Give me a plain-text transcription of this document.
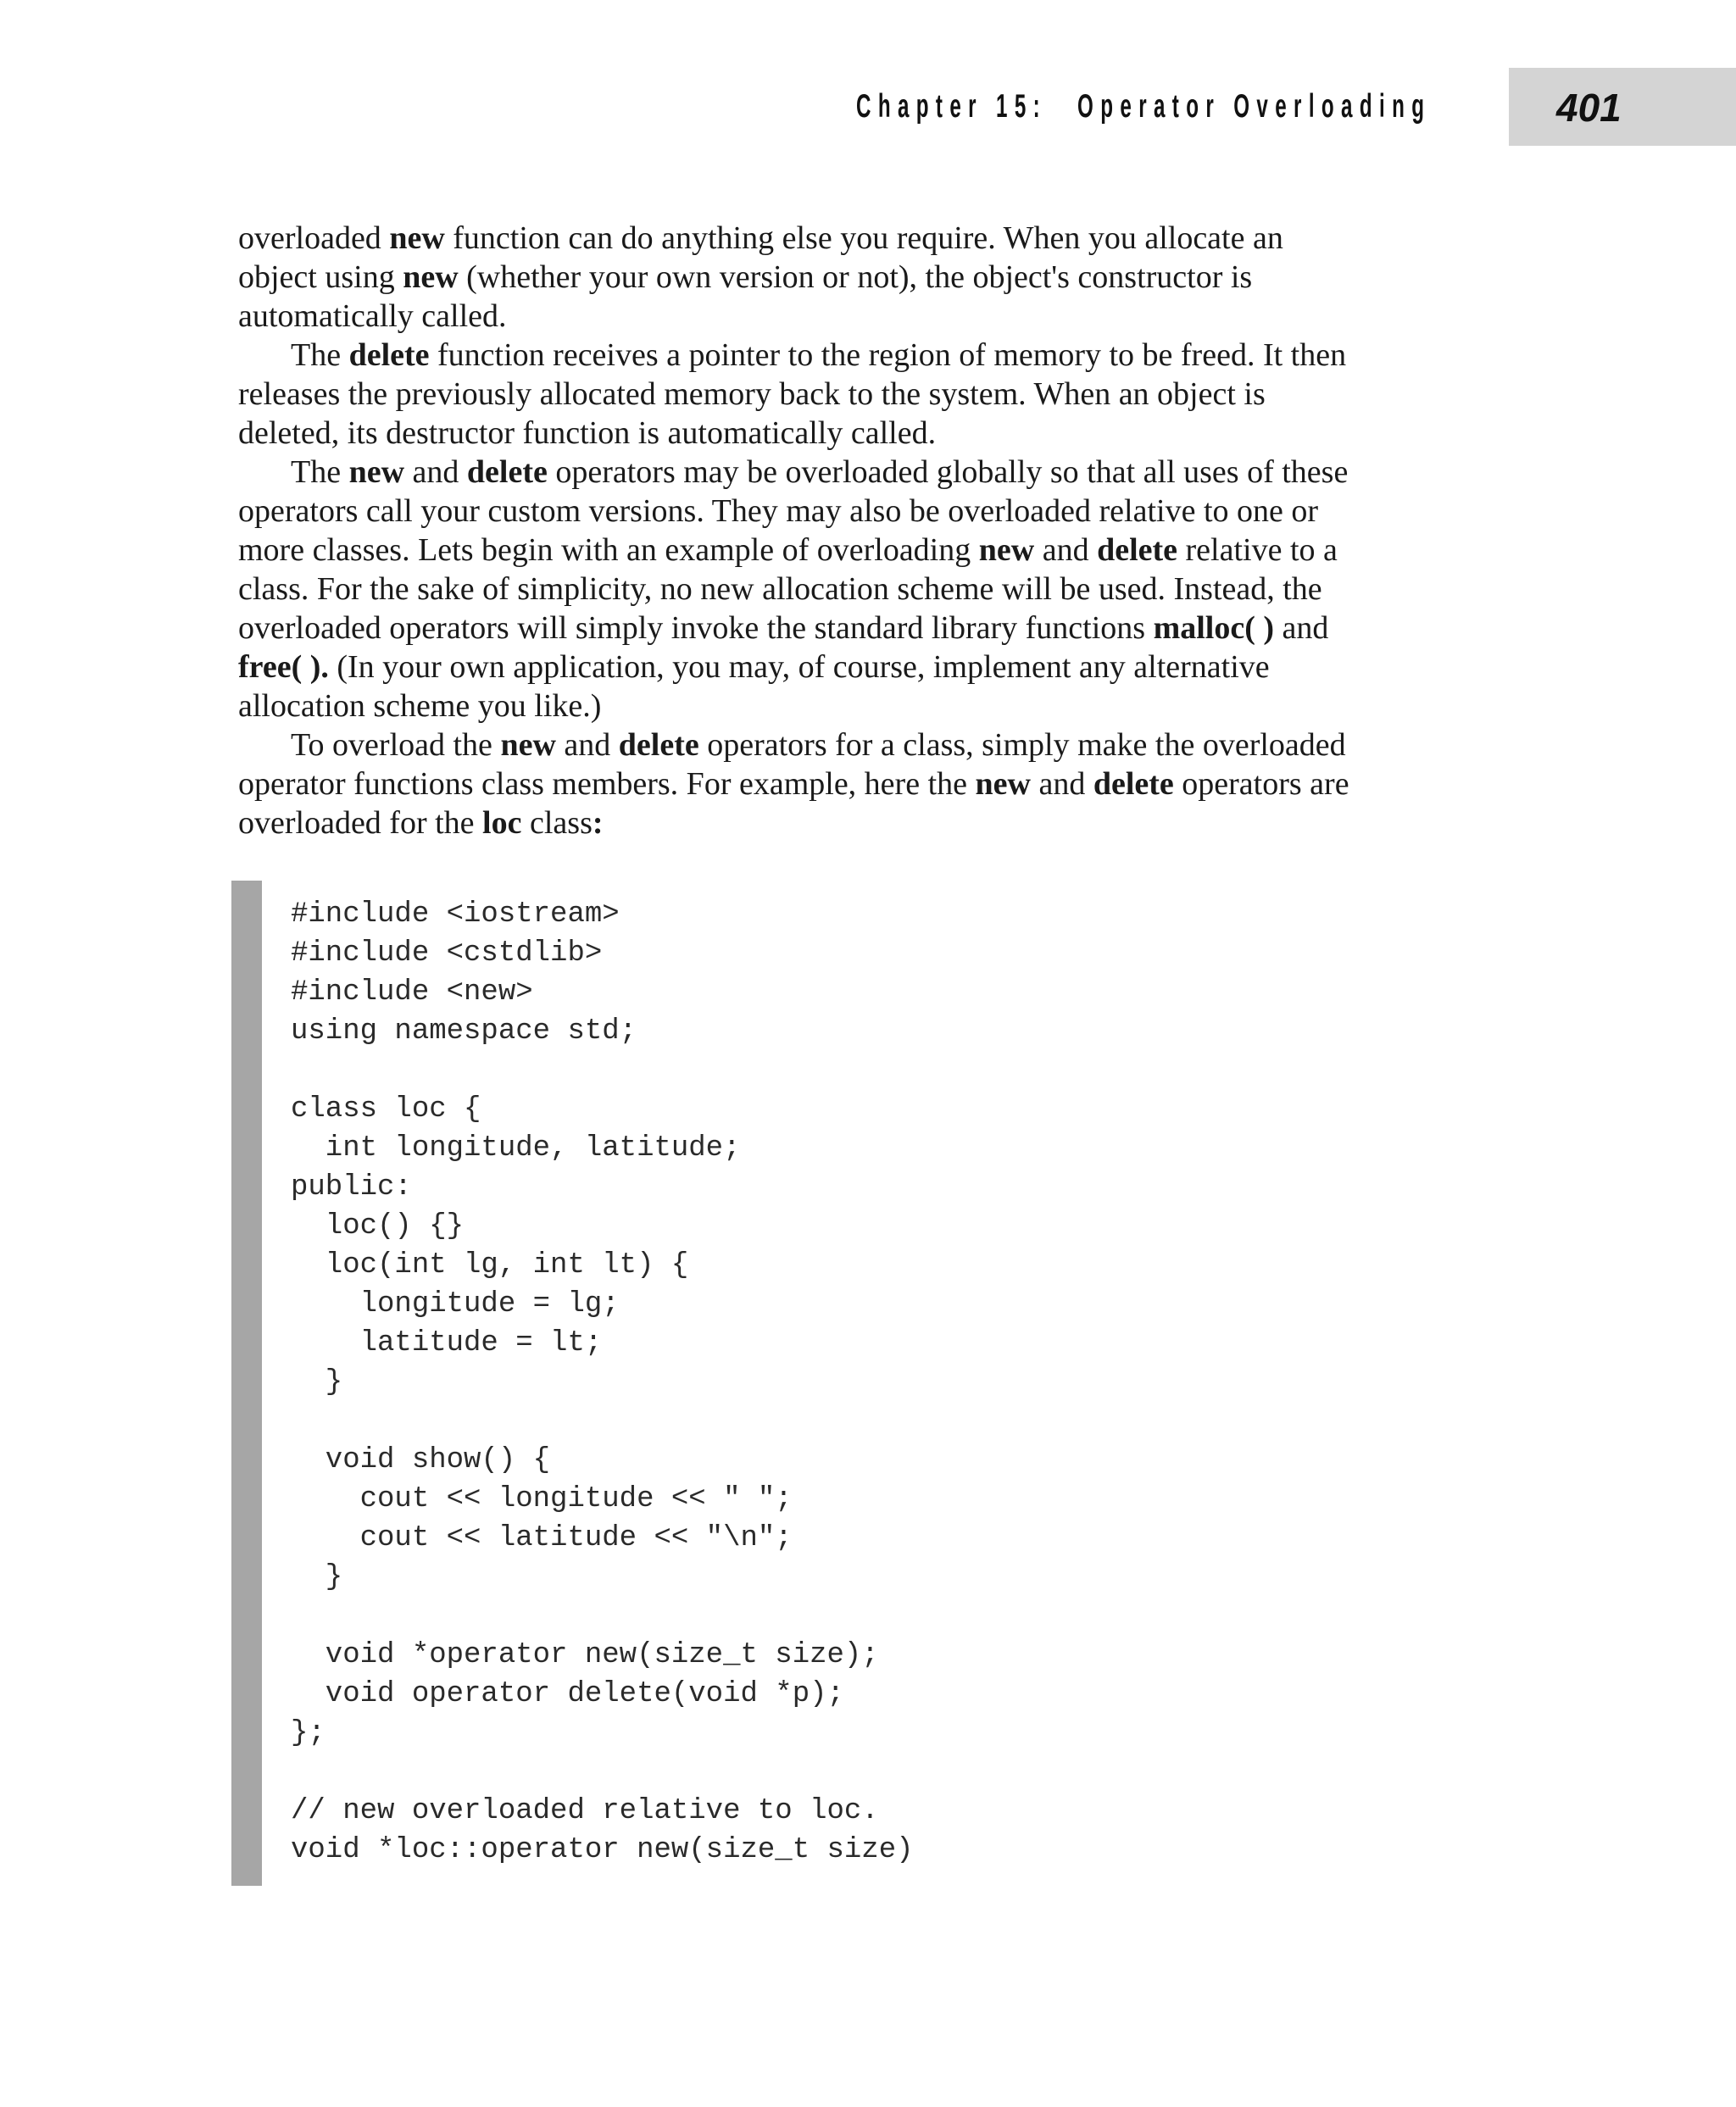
Chapter 15: Operator Overloading	401
overloaded new function can do anything else you require. When you allocate an
object using new (whether your own version or not), the object's constructor is
automatically called.
The delete function receives a pointer to the region of memory to be freed. It then
releases the previously allocated memory back to the system. When an object is
deleted, its destructor function is automatically called.
The new and delete operators may be overloaded globally so that all uses of these
operators call your custom versions. They may also be overloaded relative to one or
more classes. Lets begin with an example of overloading new and delete relative to a
class. For the sake of simplicity, no new allocation scheme will be used. Instead, the
overloaded operators will simply invoke the standard library functions malloc( ) and
free( ). (In your own application, you may, of course, implement any alternative
allocation scheme you like.)
To overload the new and delete operators for a class, simply make the overloaded
operator functions class members. For example, here the new and delete operators are
overloaded for the loc class:
#include <iostream>
#include <cstdlib>
#include <new>
using namespace std;
class loc {
int longitude, latitude;
public:
loc() {}
loc(int lg, int lt) {
longitude = lg;
latitude = lt;
}
void show() {
cout << longitude << " ";
cout << latitude << "\n";
}
void *operator new(size_t size);
void operator delete(void *p);
};
// new overloaded relative to loc.
void *loc::operator new(size_t size)
